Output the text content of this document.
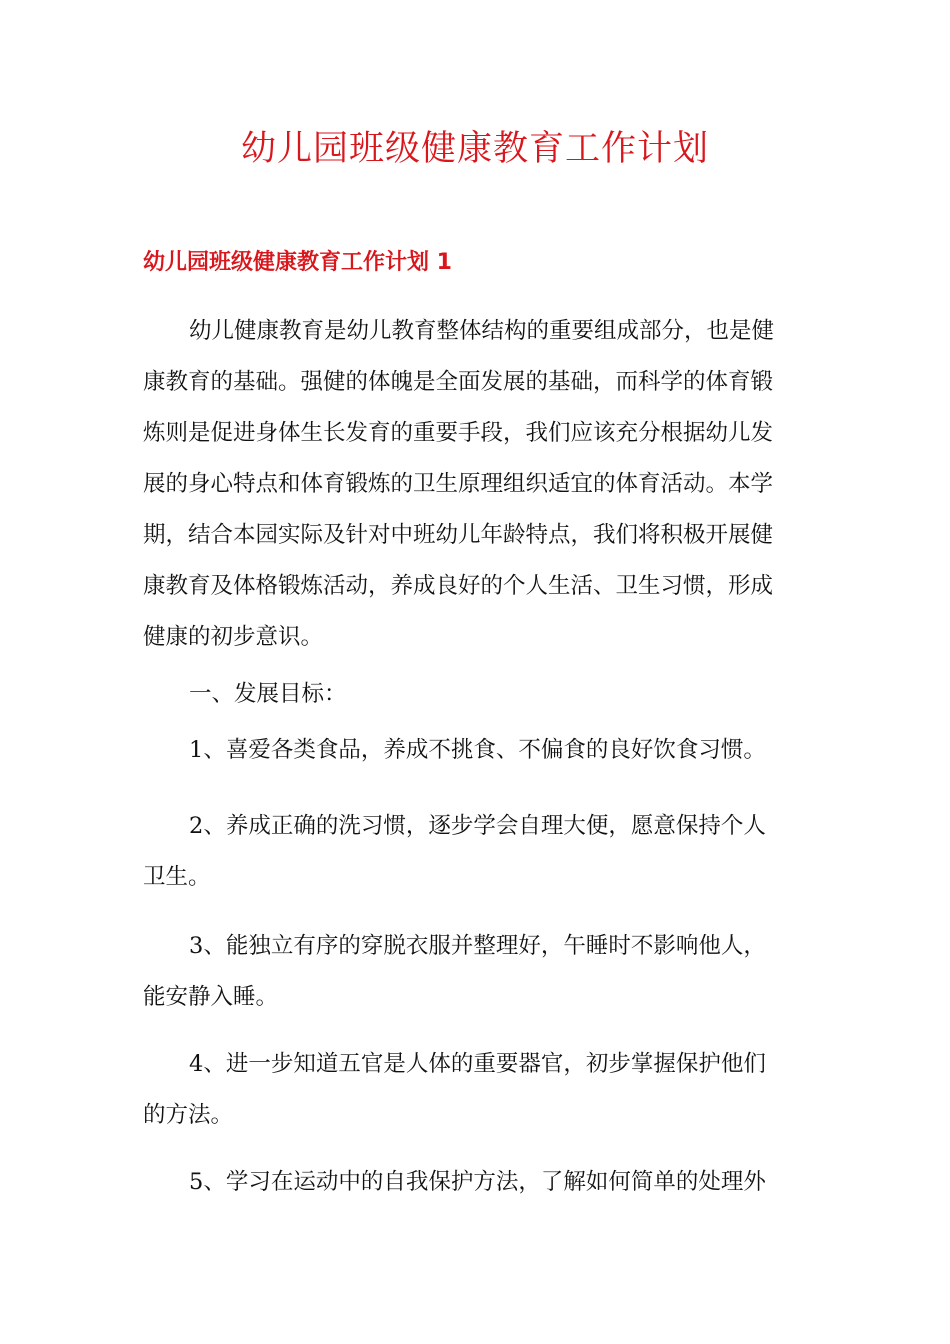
幼儿园班级健康教育工作计划
幼儿园班级健康教育工作计划 1
幼儿健康教育是幼儿教育整体结构的重要组成部分，也是健
康教育的基础。强健的体魄是全面发展的基础，而科学的体育锻
炼则是促进身体生长发育的重要手段，我们应该充分根据幼儿发
展的身心特点和体育锻炼的卫生原理组织适宜的体育活动。本学
期，结合本园实际及针对中班幼儿年龄特点，我们将积极开展健
康教育及体格锻炼活动，养成良好的个人生活、卫生习惯，形成
健康的初步意识。
一、发展目标：
1、喜爱各类食品，养成不挑食、不偏食的良好饮食习惯。
2、养成正确的洗习惯，逐步学会自理大便，愿意保持个人
卫生。
3、能独立有序的穿脱衣服并整理好，午睡时不影响他人，
能安静入睡。
4、进一步知道五官是人体的重要器官，初步掌握保护他们
的方法。
5、学习在运动中的自我保护方法，了解如何简单的处理外
